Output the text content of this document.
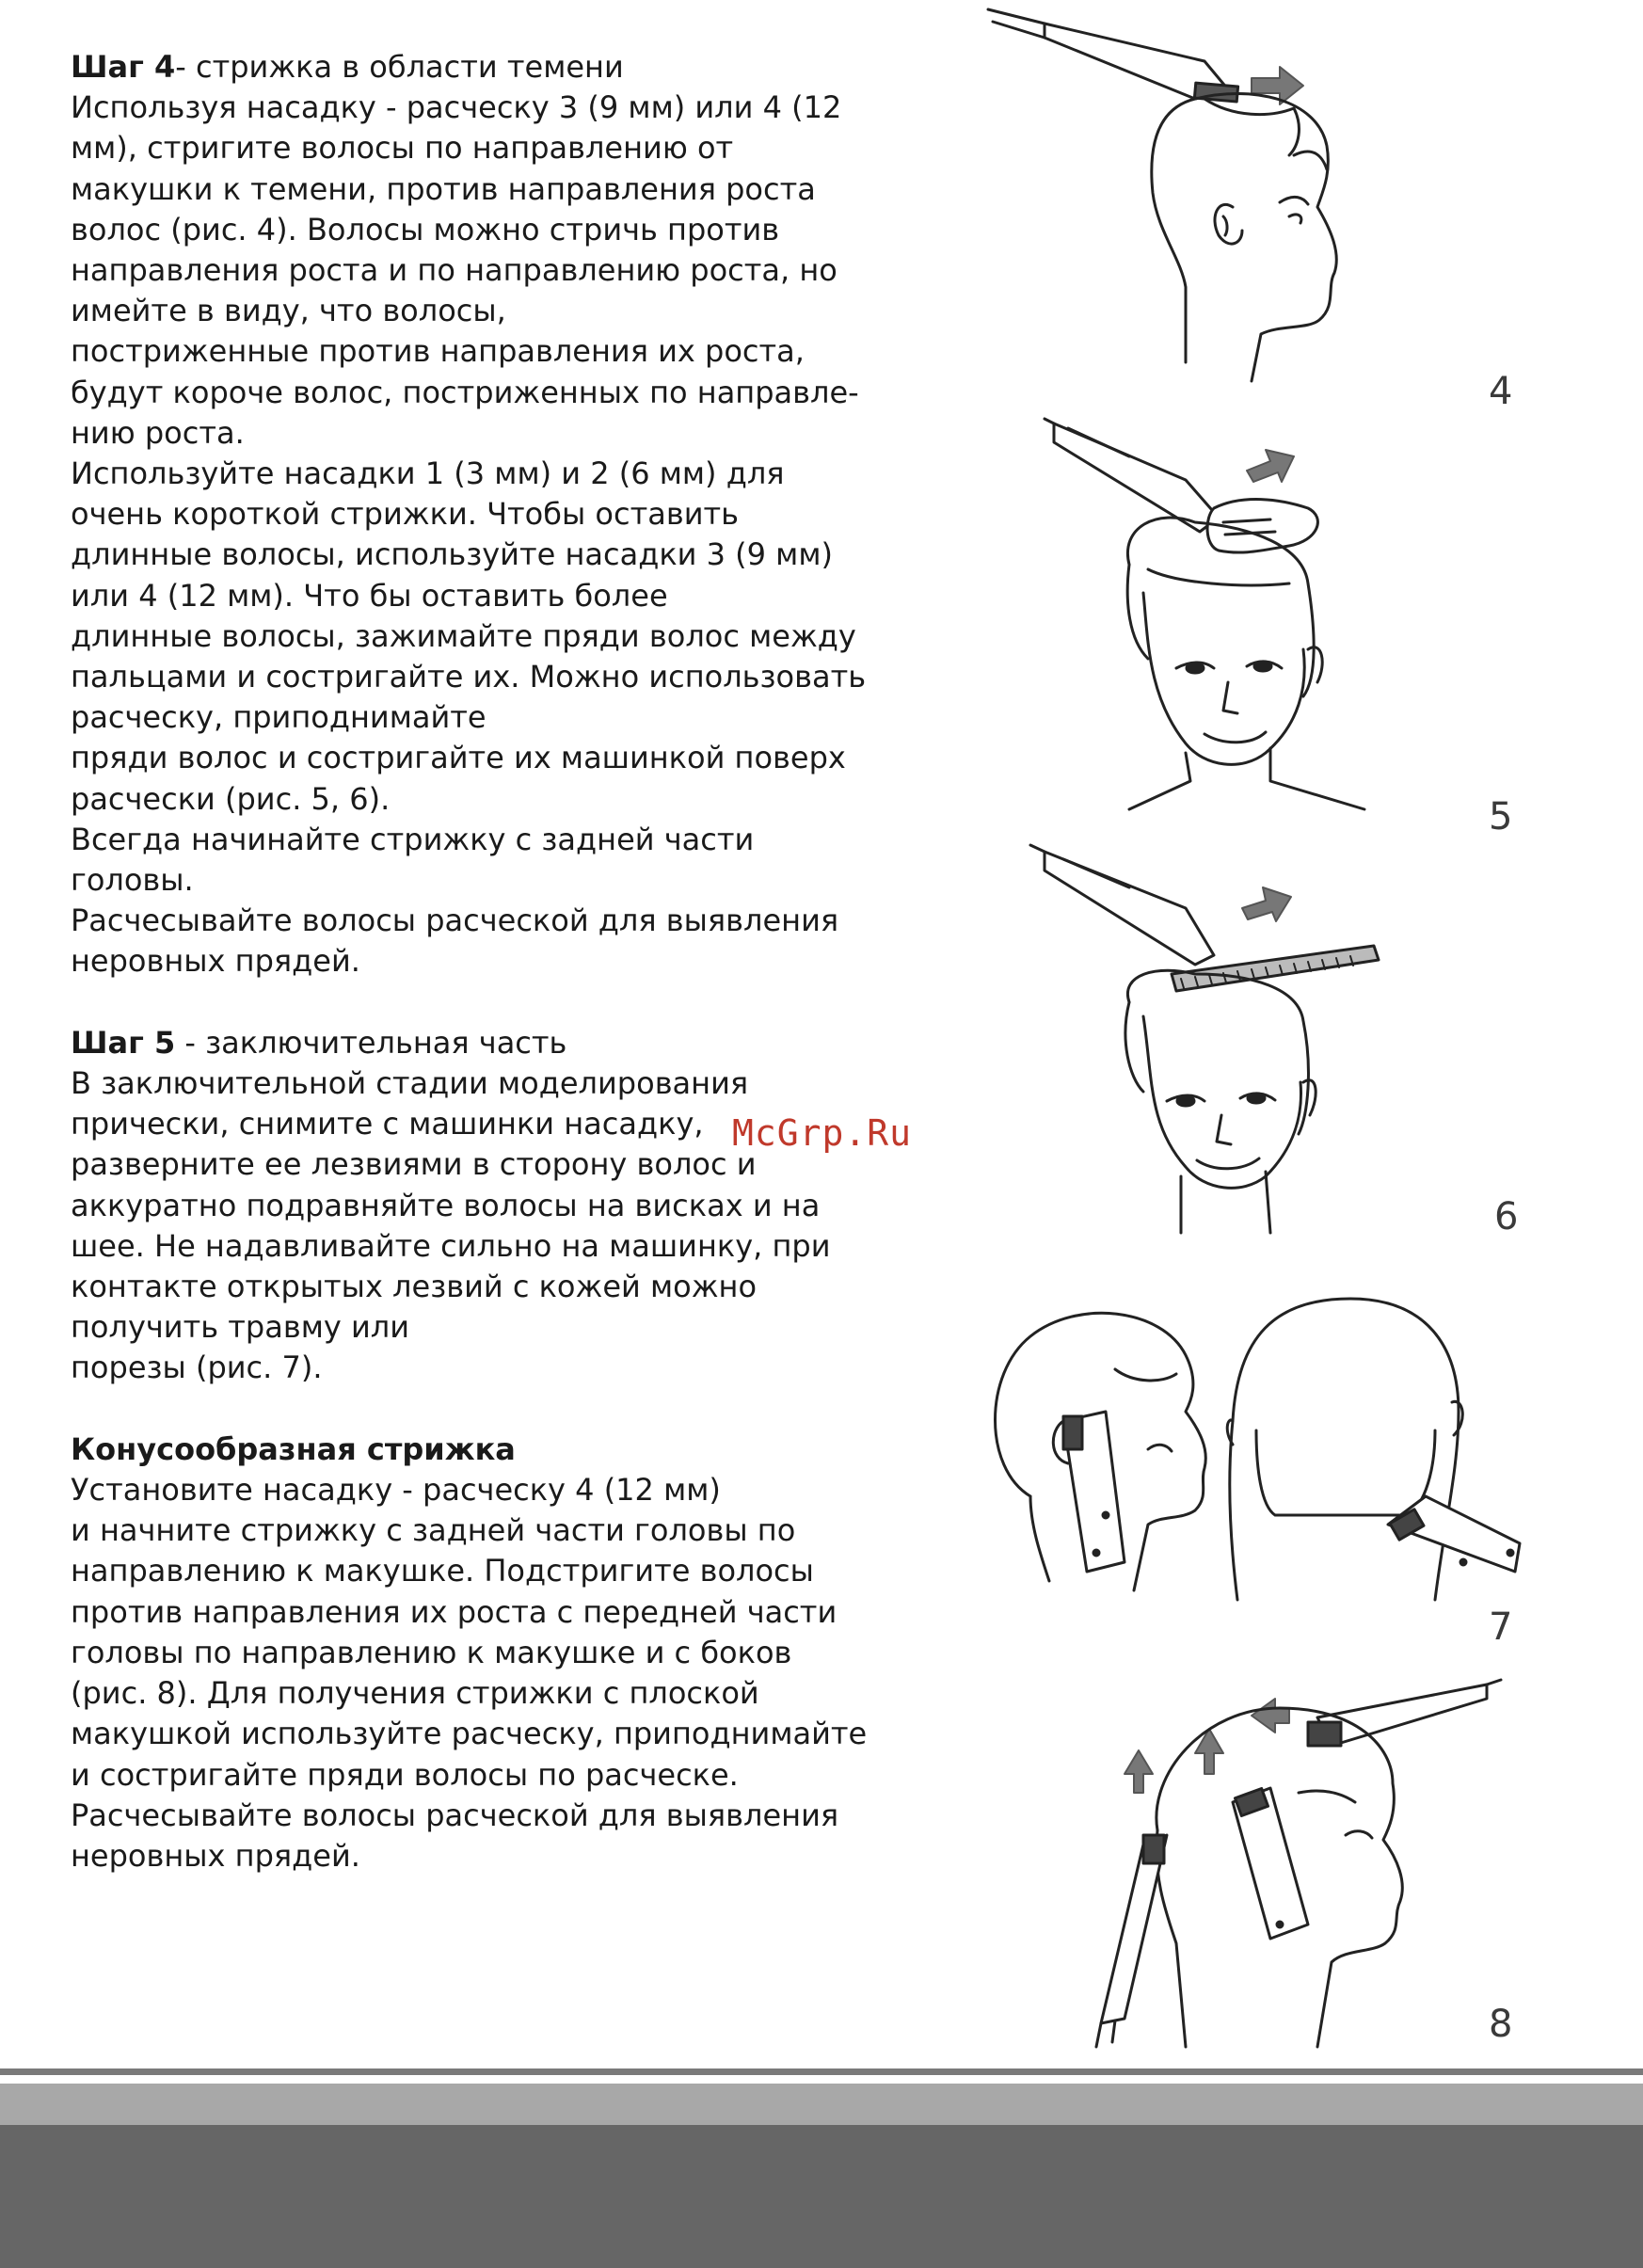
Шаг 4- стрижка в области темени
Используя насадку - расческу 3 (9 мм) или 4 (12
мм), стригите волосы по направлению от
макушки к темени, против направления роста
волос (рис. 4). Волосы можно стричь против
направления роста и по направлению роста, но
имейте в виду, что волосы,
постриженные против направления их роста,
будут короче волос, постриженных по направле-
нию роста.
Используйте насадки 1 (3 мм) и 2 (6 мм) для
очень короткой стрижки. Чтобы оставить
длинные волосы, используйте насадки 3 (9 мм)
или 4 (12 мм). Что бы оставить более
длинные волосы, зажимайте пряди волос между
пальцами и состригайте их. Можно использовать
расческу, приподнимайте
пряди волос и состригайте их машинкой поверх
расчески (рис. 5, 6).
Всегда начинайте стрижку с задней части
головы.
Расчесывайте волосы расческой для выявления
неровных прядей.
Шаг 5 - заключительная часть
В заключительной стадии моделирования
прически, снимите с машинки насадку,
разверните ее лезвиями в сторону волос и
аккуратно подравняйте волосы на висках и на
шее. Не надавливайте сильно на машинку, при
контакте открытых лезвий с кожей можно
получить травму или
порезы (рис. 7).
Конусообразная стрижка
Установите насадку - расческу 4 (12 мм)
и начните стрижку с задней части головы по
направлению к макушке. Подстригите волосы
против направления их роста с передней части
головы по направлению к макушке и с боков
(рис. 8). Для получения стрижки с плоской
макушкой используйте расческу, приподнимайте
и состригайте пряди волосы по расческе.
Расчесывайте волосы расческой для выявления
неровных прядей.
McGrp.Ru
4
5
6
7
8
